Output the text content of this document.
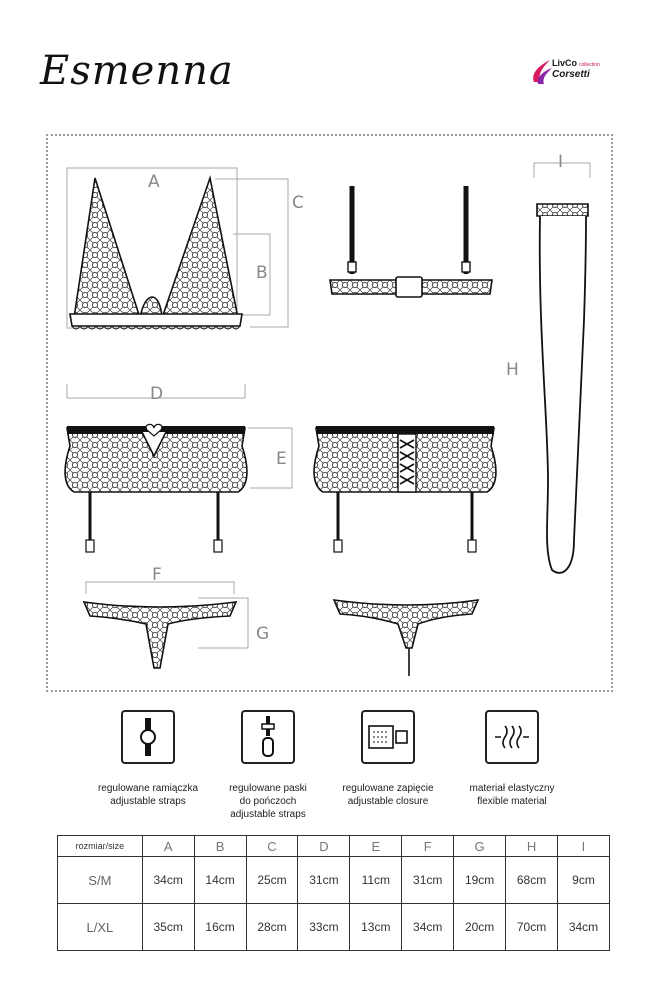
Esmenna	LivCo collection
Corsetti
A
C
B
D
E
F
G
I
H
regulowane ramiączka
adjustable straps
regulowane paski
do pończoch
adjustable straps
regulowane zapięcie
adjustable closure
materiał elastyczny
flexible material
rozmiar/size	A	B	C	D	E	F	G	H	I
S/M	34cm	14cm	25cm	31cm	11cm	31cm	19cm	68cm	9cm
L/XL	35cm	16cm	28cm	33cm	13cm	34cm	20cm	70cm	34cm
